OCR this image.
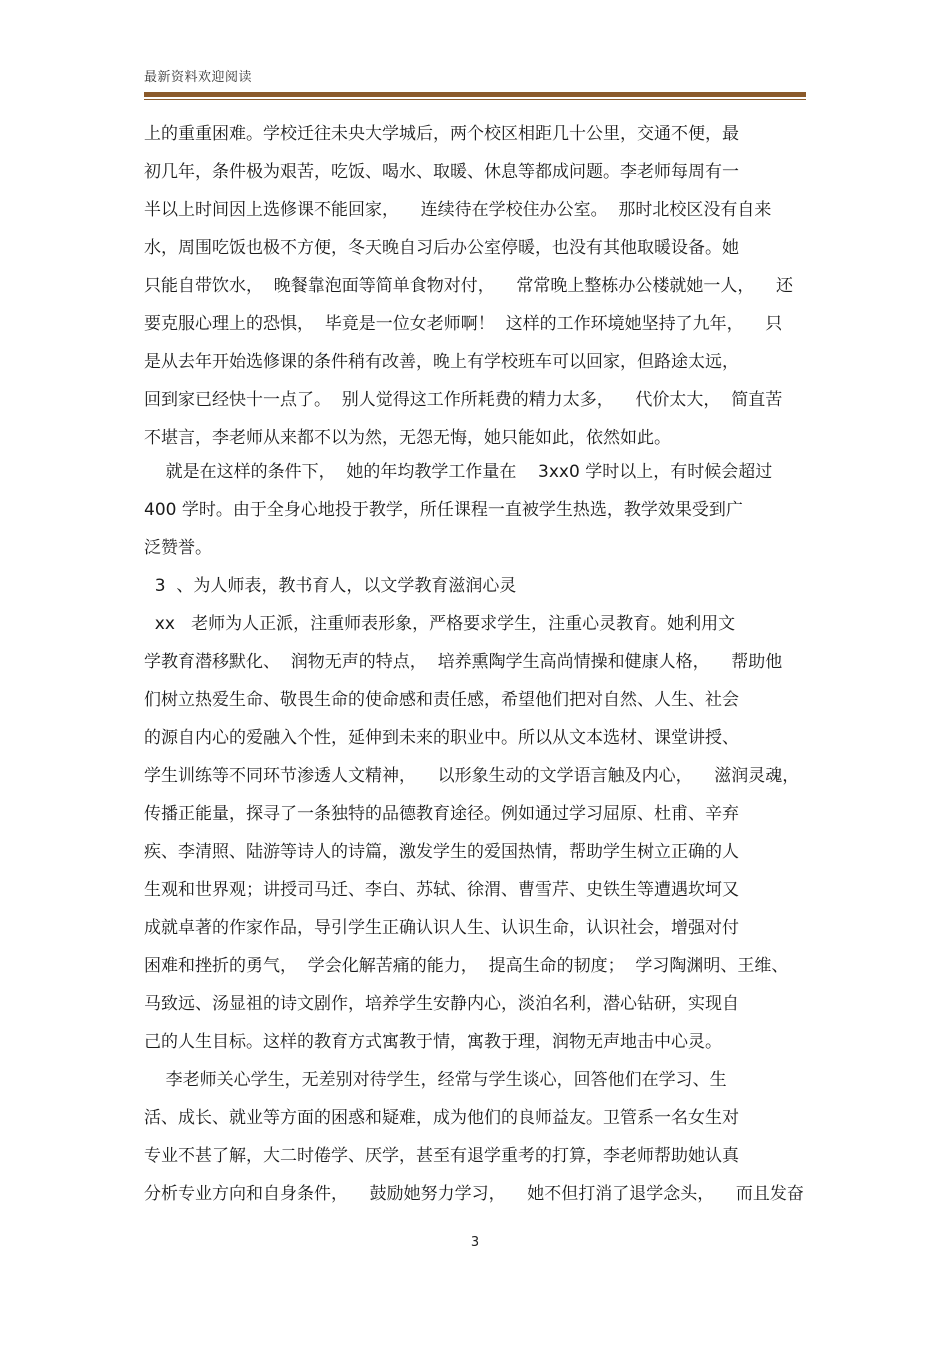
最新资料欢迎阅读
上的重重困难。学校迁往未央大学城后，两个校区相距几十公里，交通不便，最
初几年，条件极为艰苦，吃饭、喝水、取暖、休息等都成问题。李老师每周有一
半以上时间因上选修课不能回家，    连续待在学校住办公室。  那时北校区没有自来
水，周围吃饭也极不方便，冬天晚自习后办公室停暖，也没有其他取暖设备。她
只能自带饮水，  晚餐靠泡面等简单食物对付，    常常晚上整栋办公楼就她一人，    还
要克服心理上的恐惧，  毕竟是一位女老师啊！  这样的工作环境她坚持了九年，    只
是从去年开始选修课的条件稍有改善，晚上有学校班车可以回家，但路途太远，
回到家已经快十一点了。  别人觉得这工作所耗费的精力太多，    代价太大，  简直苦
不堪言，李老师从来都不以为然，无怨无悔，她只能如此，依然如此。
就是在这样的条件下，  她的年均教学工作量在    3xx0 学时以上，有时候会超过
400 学时。由于全身心地投于教学，所任课程一直被学生热选，教学效果受到广
泛赞誉。
3  、为人师表，教书育人，以文学教育滋润心灵
xx   老师为人正派，注重师表形象，严格要求学生，注重心灵教育。她利用文
学教育潜移默化、  润物无声的特点，  培养熏陶学生高尚情操和健康人格，    帮助他
们树立热爱生命、敬畏生命的使命感和责任感，希望他们把对自然、人生、社会
的源自内心的爱融入个性，延伸到未来的职业中。所以从文本选材、课堂讲授、
学生训练等不同环节渗透人文精神，    以形象生动的文学语言触及内心，    滋润灵魂，
传播正能量，探寻了一条独特的品德教育途径。例如通过学习屈原、杜甫、辛弃
疾、李清照、陆游等诗人的诗篇，激发学生的爱国热情，帮助学生树立正确的人
生观和世界观；讲授司马迁、李白、苏轼、徐渭、曹雪芹、史铁生等遭遇坎坷又
成就卓著的作家作品，导引学生正确认识人生、认识生命，认识社会，增强对付
困难和挫折的勇气，  学会化解苦痛的能力，  提高生命的韧度；  学习陶渊明、王维、
马致远、汤显祖的诗文剧作，培养学生安静内心，淡泊名利，潜心钻研，实现自
己的人生目标。这样的教育方式寓教于情，寓教于理，润物无声地击中心灵。
李老师关心学生，无差别对待学生，经常与学生谈心，回答他们在学习、生
活、成长、就业等方面的困惑和疑难，成为他们的良师益友。卫管系一名女生对
专业不甚了解，大二时倦学、厌学，甚至有退学重考的打算，李老师帮助她认真
分析专业方向和自身条件，    鼓励她努力学习，    她不但打消了退学念头，    而且发奋
3
